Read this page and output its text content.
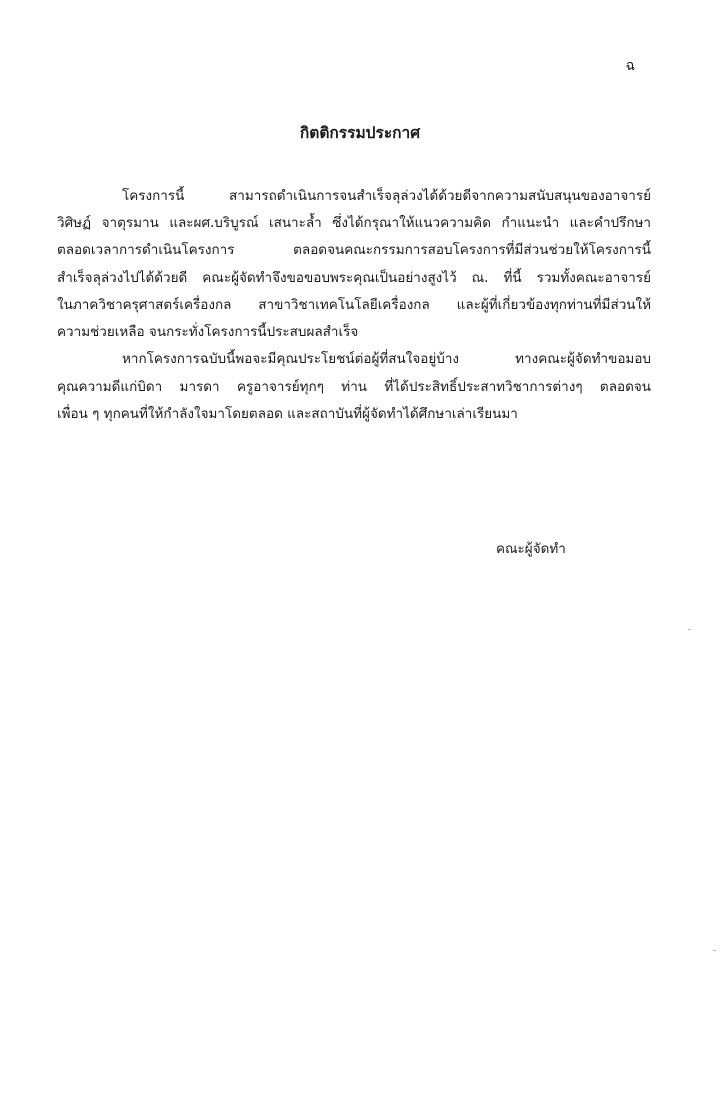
ฉ
กิตติกรรมประกาศ
โครงการนี้ สามารถดำเนินการจนสำเร็จลุล่วงได้ด้วยดีจากความสนับสนุนของอาจารย์
วิศิษฏ์ จาตุรมาน และผศ.บริบูรณ์ เสนาะล้ำ ซึ่งได้กรุณาให้แนวความคิด กำแนะนำ และคำปรึกษา
ตลอดเวลาการดำเนินโครงการ ตลอดจนคณะกรรมการสอบโครงการที่มีส่วนช่วยให้โครงการนี้
สำเร็จลุล่วงไปได้ด้วยดี คณะผู้จัดทำจึงขอขอบพระคุณเป็นอย่างสูงไว้ ณ. ที่นี้ รวมทั้งคณะอาจารย์
ในภาควิชาครุศาสตร์เครื่องกล สาขาวิชาเทคโนโลยีเครื่องกล และผู้ที่เกี่ยวข้องทุกท่านที่มีส่วนให้
ความช่วยเหลือ จนกระทั่งโครงการนี้ประสบผลสำเร็จ
หากโครงการฉบับนี้พอจะมีคุณประโยชน์ต่อผู้ที่สนใจอยู่บ้าง ทางคณะผู้จัดทำขอมอบ
คุณความดีแก่บิดา มารดา ครูอาจารย์ทุกๆ ท่าน ที่ได้ประสิทธิ์ประสาทวิชาการต่างๆ ตลอดจน
เพื่อน ๆ ทุกคนที่ให้กำลังใจมาโดยตลอด และสถาบันที่ผู้จัดทำได้ศึกษาเล่าเรียนมา
คณะผู้จัดทำ
